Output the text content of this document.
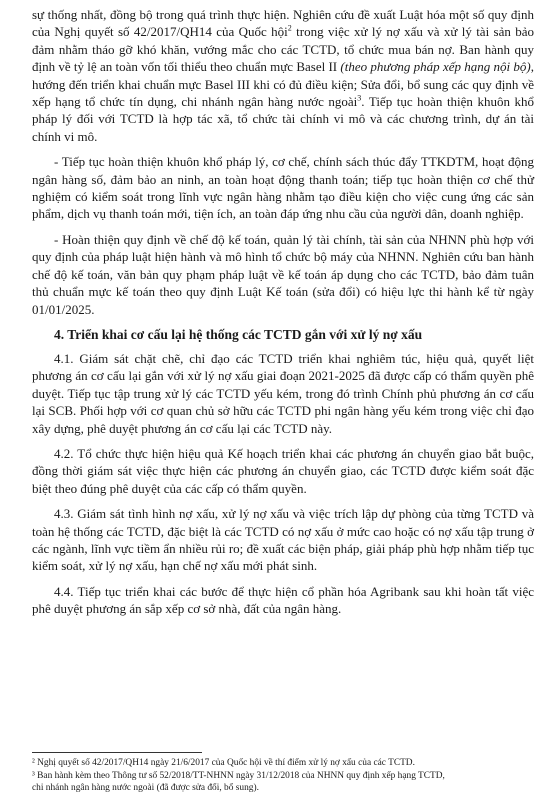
sự thống nhất, đồng bộ trong quá trình thực hiện. Nghiên cứu đề xuất Luật hóa một số quy định của Nghị quyết số 42/2017/QH14 của Quốc hội$^2$ trong việc xử lý nợ xấu và xử lý tài sản bảo đảm nhằm tháo gỡ khó khăn, vướng mắc cho các TCTD, tổ chức mua bán nợ. Ban hành quy định về tỷ lệ an toàn vốn tối thiểu theo chuẩn mực Basel II (theo phương pháp xếp hạng nội bộ), hướng đến triển khai chuẩn mực Basel III khi có đủ điều kiện; Sửa đổi, bổ sung các quy định về xếp hạng tổ chức tín dụng, chi nhánh ngân hàng nước ngoài$^3$. Tiếp tục hoàn thiện khuôn khổ pháp lý đối với TCTD là hợp tác xã, tổ chức tài chính vi mô và các chương trình, dự án tài chính vi mô.

- Tiếp tục hoàn thiện khuôn khổ pháp lý, cơ chế, chính sách thúc đẩy TTKDTM, hoạt động ngân hàng số, đảm bảo an ninh, an toàn hoạt động thanh toán; tiếp tục hoàn thiện cơ chế thử nghiệm có kiểm soát trong lĩnh vực ngân hàng nhằm tạo điều kiện cho việc cung ứng các sản phẩm, dịch vụ thanh toán mới, tiện ích, an toàn đáp ứng nhu cầu của người dân, doanh nghiệp.

- Hoàn thiện quy định về chế độ kế toán, quản lý tài chính, tài sản của NHNN phù hợp với quy định của pháp luật hiện hành và mô hình tổ chức bộ máy của NHNN. Nghiên cứu ban hành chế độ kế toán, văn bản quy phạm pháp luật về kế toán áp dụng cho các TCTD, bảo đảm tuân thủ chuẩn mực kế toán theo quy định Luật Kế toán (sửa đổi) có hiệu lực thi hành kể từ ngày 01/01/2025.

4. Triển khai cơ cấu lại hệ thống các TCTD gắn với xử lý nợ xấu

4.1. Giám sát chặt chẽ, chỉ đạo các TCTD triển khai nghiêm túc, hiệu quả, quyết liệt phương án cơ cấu lại gắn với xử lý nợ xấu giai đoạn 2021-2025 đã được cấp có thẩm quyền phê duyệt. Tiếp tục tập trung xử lý các TCTD yếu kém, trong đó trình Chính phủ phương án cơ cấu lại SCB. Phối hợp với cơ quan chủ sở hữu các TCTD phi ngân hàng yếu kém trong việc chỉ đạo xây dựng, phê duyệt phương án cơ cấu lại các TCTD này.

4.2. Tổ chức thực hiện hiệu quả Kế hoạch triển khai các phương án chuyển giao bắt buộc, đồng thời giám sát việc thực hiện các phương án chuyển giao, các TCTD được kiểm soát đặc biệt theo đúng phê duyệt của các cấp có thẩm quyền.

4.3. Giám sát tình hình nợ xấu, xử lý nợ xấu và việc trích lập dự phòng của từng TCTD và toàn hệ thống các TCTD, đặc biệt là các TCTD có nợ xấu ở mức cao hoặc có nợ xấu tập trung ở các ngành, lĩnh vực tiềm ẩn nhiều rủi ro; đề xuất các biện pháp, giải pháp phù hợp nhằm tiếp tục kiểm soát, xử lý nợ xấu, hạn chế nợ xấu mới phát sinh.

4.4. Tiếp tục triển khai các bước để thực hiện cổ phần hóa Agribank sau khi hoàn tất việc phê duyệt phương án sắp xếp cơ sở nhà, đất của ngân hàng.

² Nghị quyết số 42/2017/QH14 ngày 21/6/2017 của Quốc hội về thí điểm xử lý nợ xấu của các TCTD.

³ Ban hành kèm theo Thông tư số 52/2018/TT-NHNN ngày 31/12/2018 của NHNN quy định xếp hạng TCTD,

chi nhánh ngân hàng nước ngoài (đã được sửa đổi, bổ sung).
